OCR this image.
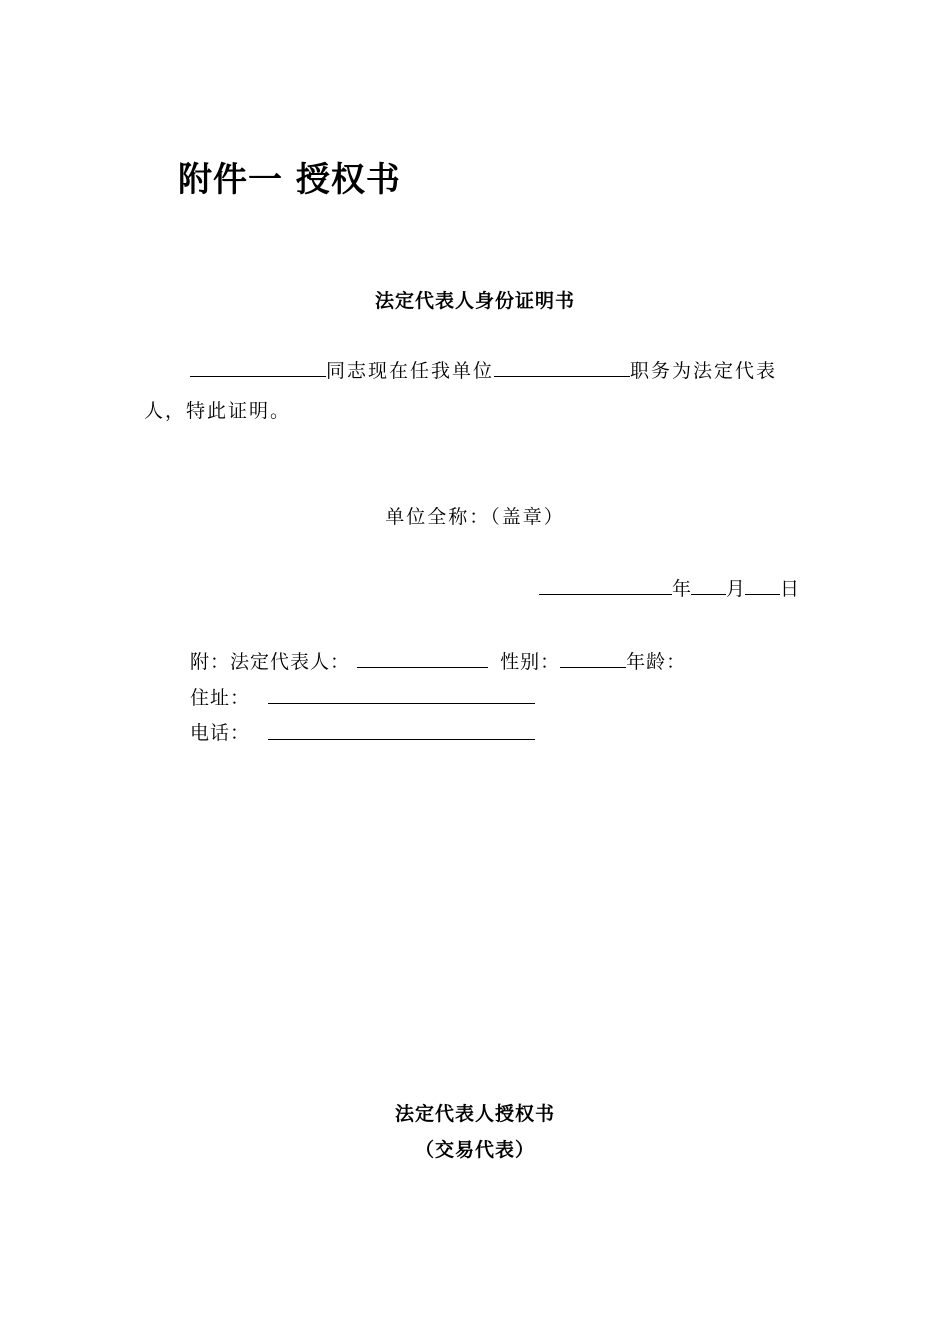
附件一 授权书
法定代表人身份证明书
同志现在任我单位	职务为法定代表
人，特此证明。
单位全称：（盖章）
年 月 日
附：法定代表人：	性别：	年龄：
住址：
电话：
法定代表人授权书
（交易代表）
